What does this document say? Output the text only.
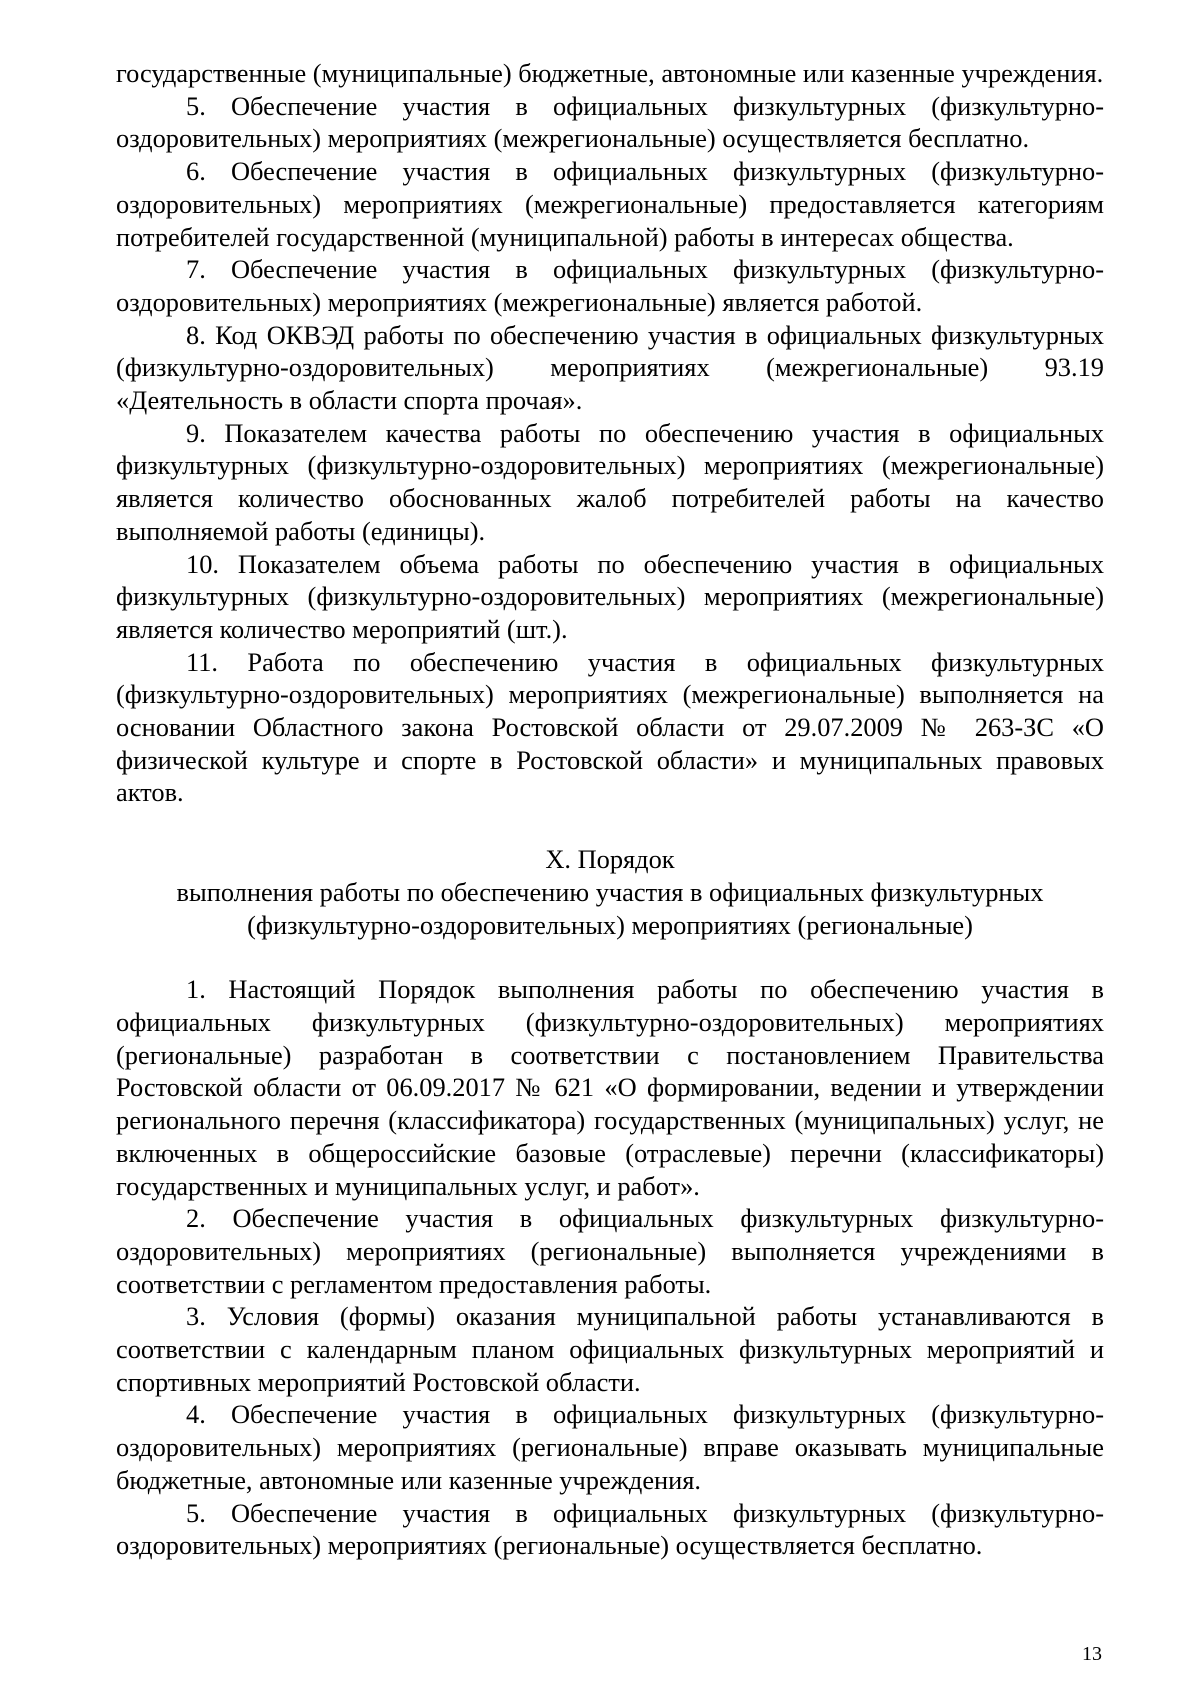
государственные (муниципальные) бюджетные, автономные или казенные учреждения.

5. Обеспечение участия в официальных физкультурных (физкультурно-оздоровительных) мероприятиях (межрегиональные) осуществляется бесплатно.

6. Обеспечение участия в официальных физкультурных (физкультурно-оздоровительных) мероприятиях (межрегиональные) предоставляется категориям потребителей государственной (муниципальной) работы в интересах общества.

7. Обеспечение участия в официальных физкультурных (физкультурно-оздоровительных) мероприятиях (межрегиональные) является работой.

8. Код ОКВЭД работы по обеспечению участия в официальных физкультурных (физкультурно-оздоровительных) мероприятиях (межрегиональные) 93.19 «Деятельность в области спорта прочая».

9. Показателем качества работы по обеспечению участия в официальных физкультурных (физкультурно-оздоровительных) мероприятиях (межрегиональные) является количество обоснованных жалоб потребителей работы на качество выполняемой работы (единицы).

10. Показателем объема работы по обеспечению участия в официальных физкультурных (физкультурно-оздоровительных) мероприятиях (межрегиональные) является количество мероприятий (шт.).

11. Работа по обеспечению участия в официальных физкультурных (физкультурно-оздоровительных) мероприятиях (межрегиональные) выполняется на основании Областного закона Ростовской области от 29.07.2009 № 263-ЗС «О физической культуре и спорте в Ростовской области» и муниципальных правовых актов.

X. Порядок

выполнения работы по обеспечению участия в официальных физкультурных

(физкультурно-оздоровительных) мероприятиях (региональные)

1. Настоящий Порядок выполнения работы по обеспечению участия в официальных физкультурных (физкультурно-оздоровительных) мероприятиях (региональные) разработан в соответствии с постановлением Правительства Ростовской области от 06.09.2017 № 621 «О формировании, ведении и утверждении регионального перечня (классификатора) государственных (муниципальных) услуг, не включенных в общероссийские базовые (отраслевые) перечни (классификаторы) государственных и муниципальных услуг, и работ».

2. Обеспечение участия в официальных физкультурных физкультурно-оздоровительных) мероприятиях (региональные) выполняется учреждениями в соответствии с регламентом предоставления работы.

3. Условия (формы) оказания муниципальной работы устанавливаются в соответствии с календарным планом официальных физкультурных мероприятий и спортивных мероприятий Ростовской области.

4. Обеспечение участия в официальных физкультурных (физкультурно-оздоровительных) мероприятиях (региональные) вправе оказывать муниципальные бюджетные, автономные или казенные учреждения.

5. Обеспечение участия в официальных физкультурных (физкультурно-оздоровительных) мероприятиях (региональные) осуществляется бесплатно.

13
